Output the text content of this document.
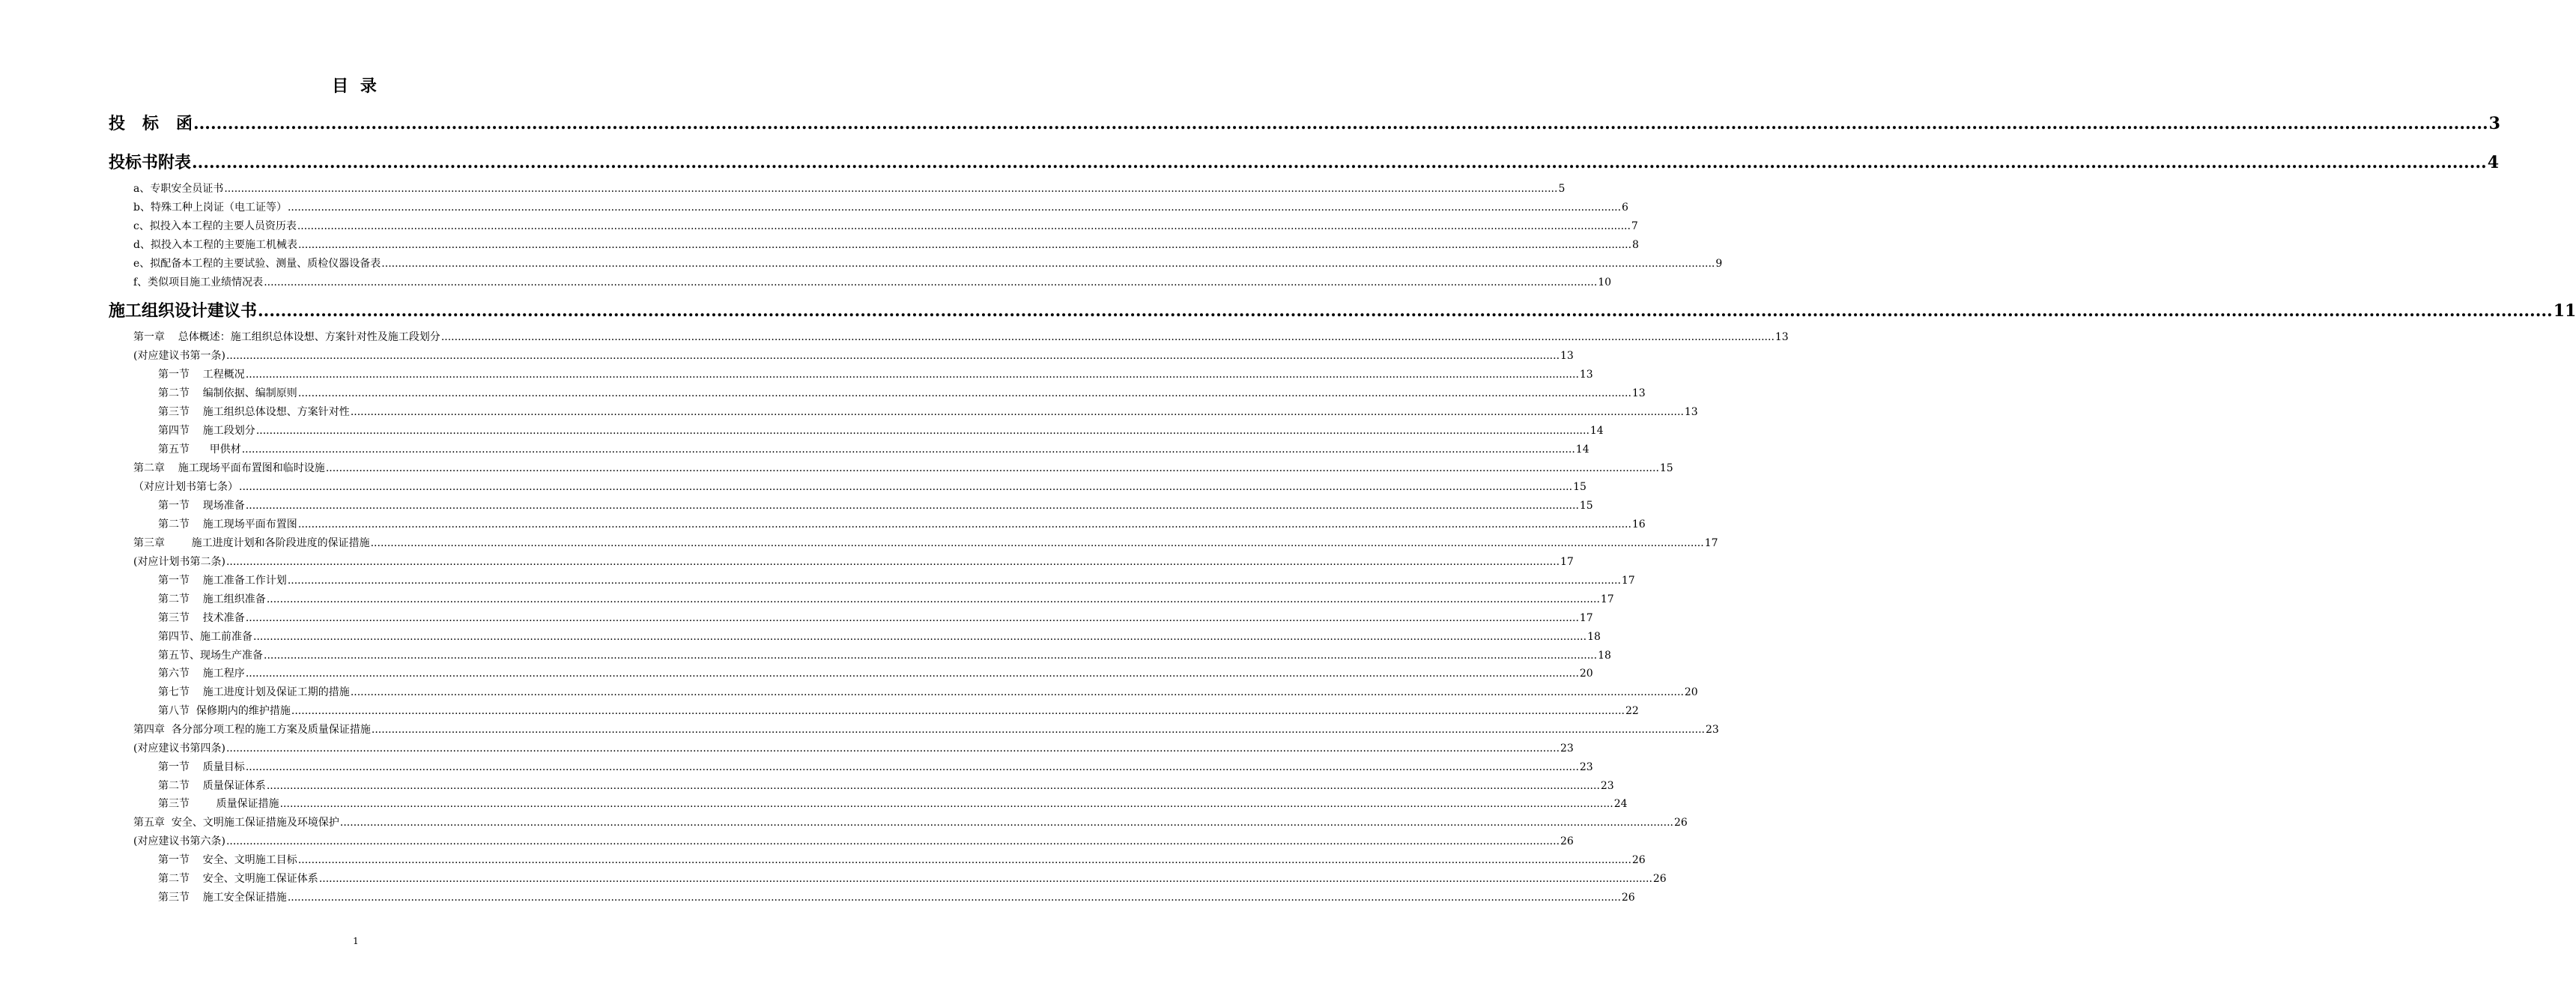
目 录
投   标   函 ................................................................................................................................................................................................................................................................................................................................................................................................................ 3
投标书附表 ................................................................................................................................................................................................................................................................................................................................................................................................................ 4
a、专职安全员证书 ................................................................................................................................................................................................................................................................................................................................................................................................................ 5
b、特殊工种上岗证（电工证等） ................................................................................................................................................................................................................................................................................................................................................................................................................ 6
c、拟投入本工程的主要人员资历表 ................................................................................................................................................................................................................................................................................................................................................................................................................ 7
d、拟投入本工程的主要施工机械表 ................................................................................................................................................................................................................................................................................................................................................................................................................ 8
e、拟配备本工程的主要试验、测量、质检仪器设备表 ................................................................................................................................................................................................................................................................................................................................................................................................................ 9
f、类似项目施工业绩情况表 ................................................................................................................................................................................................................................................................................................................................................................................................................ 10
施工组织设计建议书 ................................................................................................................................................................................................................................................................................................................................................................................................................ 11
第一章    总体概述：施工组织总体设想、方案针对性及施工段划分 ................................................................................................................................................................................................................................................................................................................................................................................................................ 13
(对应建议书第一条) ................................................................................................................................................................................................................................................................................................................................................................................................................ 13
第一节    工程概况 ................................................................................................................................................................................................................................................................................................................................................................................................................ 13
第二节    编制依据、编制原则 ................................................................................................................................................................................................................................................................................................................................................................................................................ 13
第三节    施工组织总体设想、方案针对性 ................................................................................................................................................................................................................................................................................................................................................................................................................ 13
第四节    施工段划分 ................................................................................................................................................................................................................................................................................................................................................................................................................ 14
第五节      甲供材 ................................................................................................................................................................................................................................................................................................................................................................................................................ 14
第二章    施工现场平面布置图和临时设施 ................................................................................................................................................................................................................................................................................................................................................................................................................ 15
（对应计划书第七条） ................................................................................................................................................................................................................................................................................................................................................................................................................ 15
第一节    现场准备 ................................................................................................................................................................................................................................................................................................................................................................................................................ 15
第二节    施工现场平面布置图 ................................................................................................................................................................................................................................................................................................................................................................................................................ 16
第三章        施工进度计划和各阶段进度的保证措施 ................................................................................................................................................................................................................................................................................................................................................................................................................ 17
(对应计划书第二条) ................................................................................................................................................................................................................................................................................................................................................................................................................ 17
第一节    施工准备工作计划 ................................................................................................................................................................................................................................................................................................................................................................................................................ 17
第二节    施工组织准备 ................................................................................................................................................................................................................................................................................................................................................................................................................ 17
第三节    技术准备 ................................................................................................................................................................................................................................................................................................................................................................................................................ 17
第四节、施工前准备 ................................................................................................................................................................................................................................................................................................................................................................................................................ 18
第五节、现场生产准备 ................................................................................................................................................................................................................................................................................................................................................................................................................ 18
第六节    施工程序 ................................................................................................................................................................................................................................................................................................................................................................................................................ 20
第七节    施工进度计划及保证工期的措施 ................................................................................................................................................................................................................................................................................................................................................................................................................ 20
第八节  保修期内的维护措施 ................................................................................................................................................................................................................................................................................................................................................................................................................ 22
第四章  各分部分项工程的施工方案及质量保证措施 ................................................................................................................................................................................................................................................................................................................................................................................................................ 23
(对应建议书第四条) ................................................................................................................................................................................................................................................................................................................................................................................................................ 23
第一节    质量目标 ................................................................................................................................................................................................................................................................................................................................................................................................................ 23
第二节    质量保证体系 ................................................................................................................................................................................................................................................................................................................................................................................................................ 23
第三节        质量保证措施 ................................................................................................................................................................................................................................................................................................................................................................................................................ 24
第五章  安全、文明施工保证措施及环境保护 ................................................................................................................................................................................................................................................................................................................................................................................................................ 26
(对应建议书第六条) ................................................................................................................................................................................................................................................................................................................................................................................................................ 26
第一节    安全、文明施工目标 ................................................................................................................................................................................................................................................................................................................................................................................................................ 26
第二节    安全、文明施工保证体系 ................................................................................................................................................................................................................................................................................................................................................................................................................ 26
第三节    施工安全保证措施 ................................................................................................................................................................................................................................................................................................................................................................................................................ 26
1
